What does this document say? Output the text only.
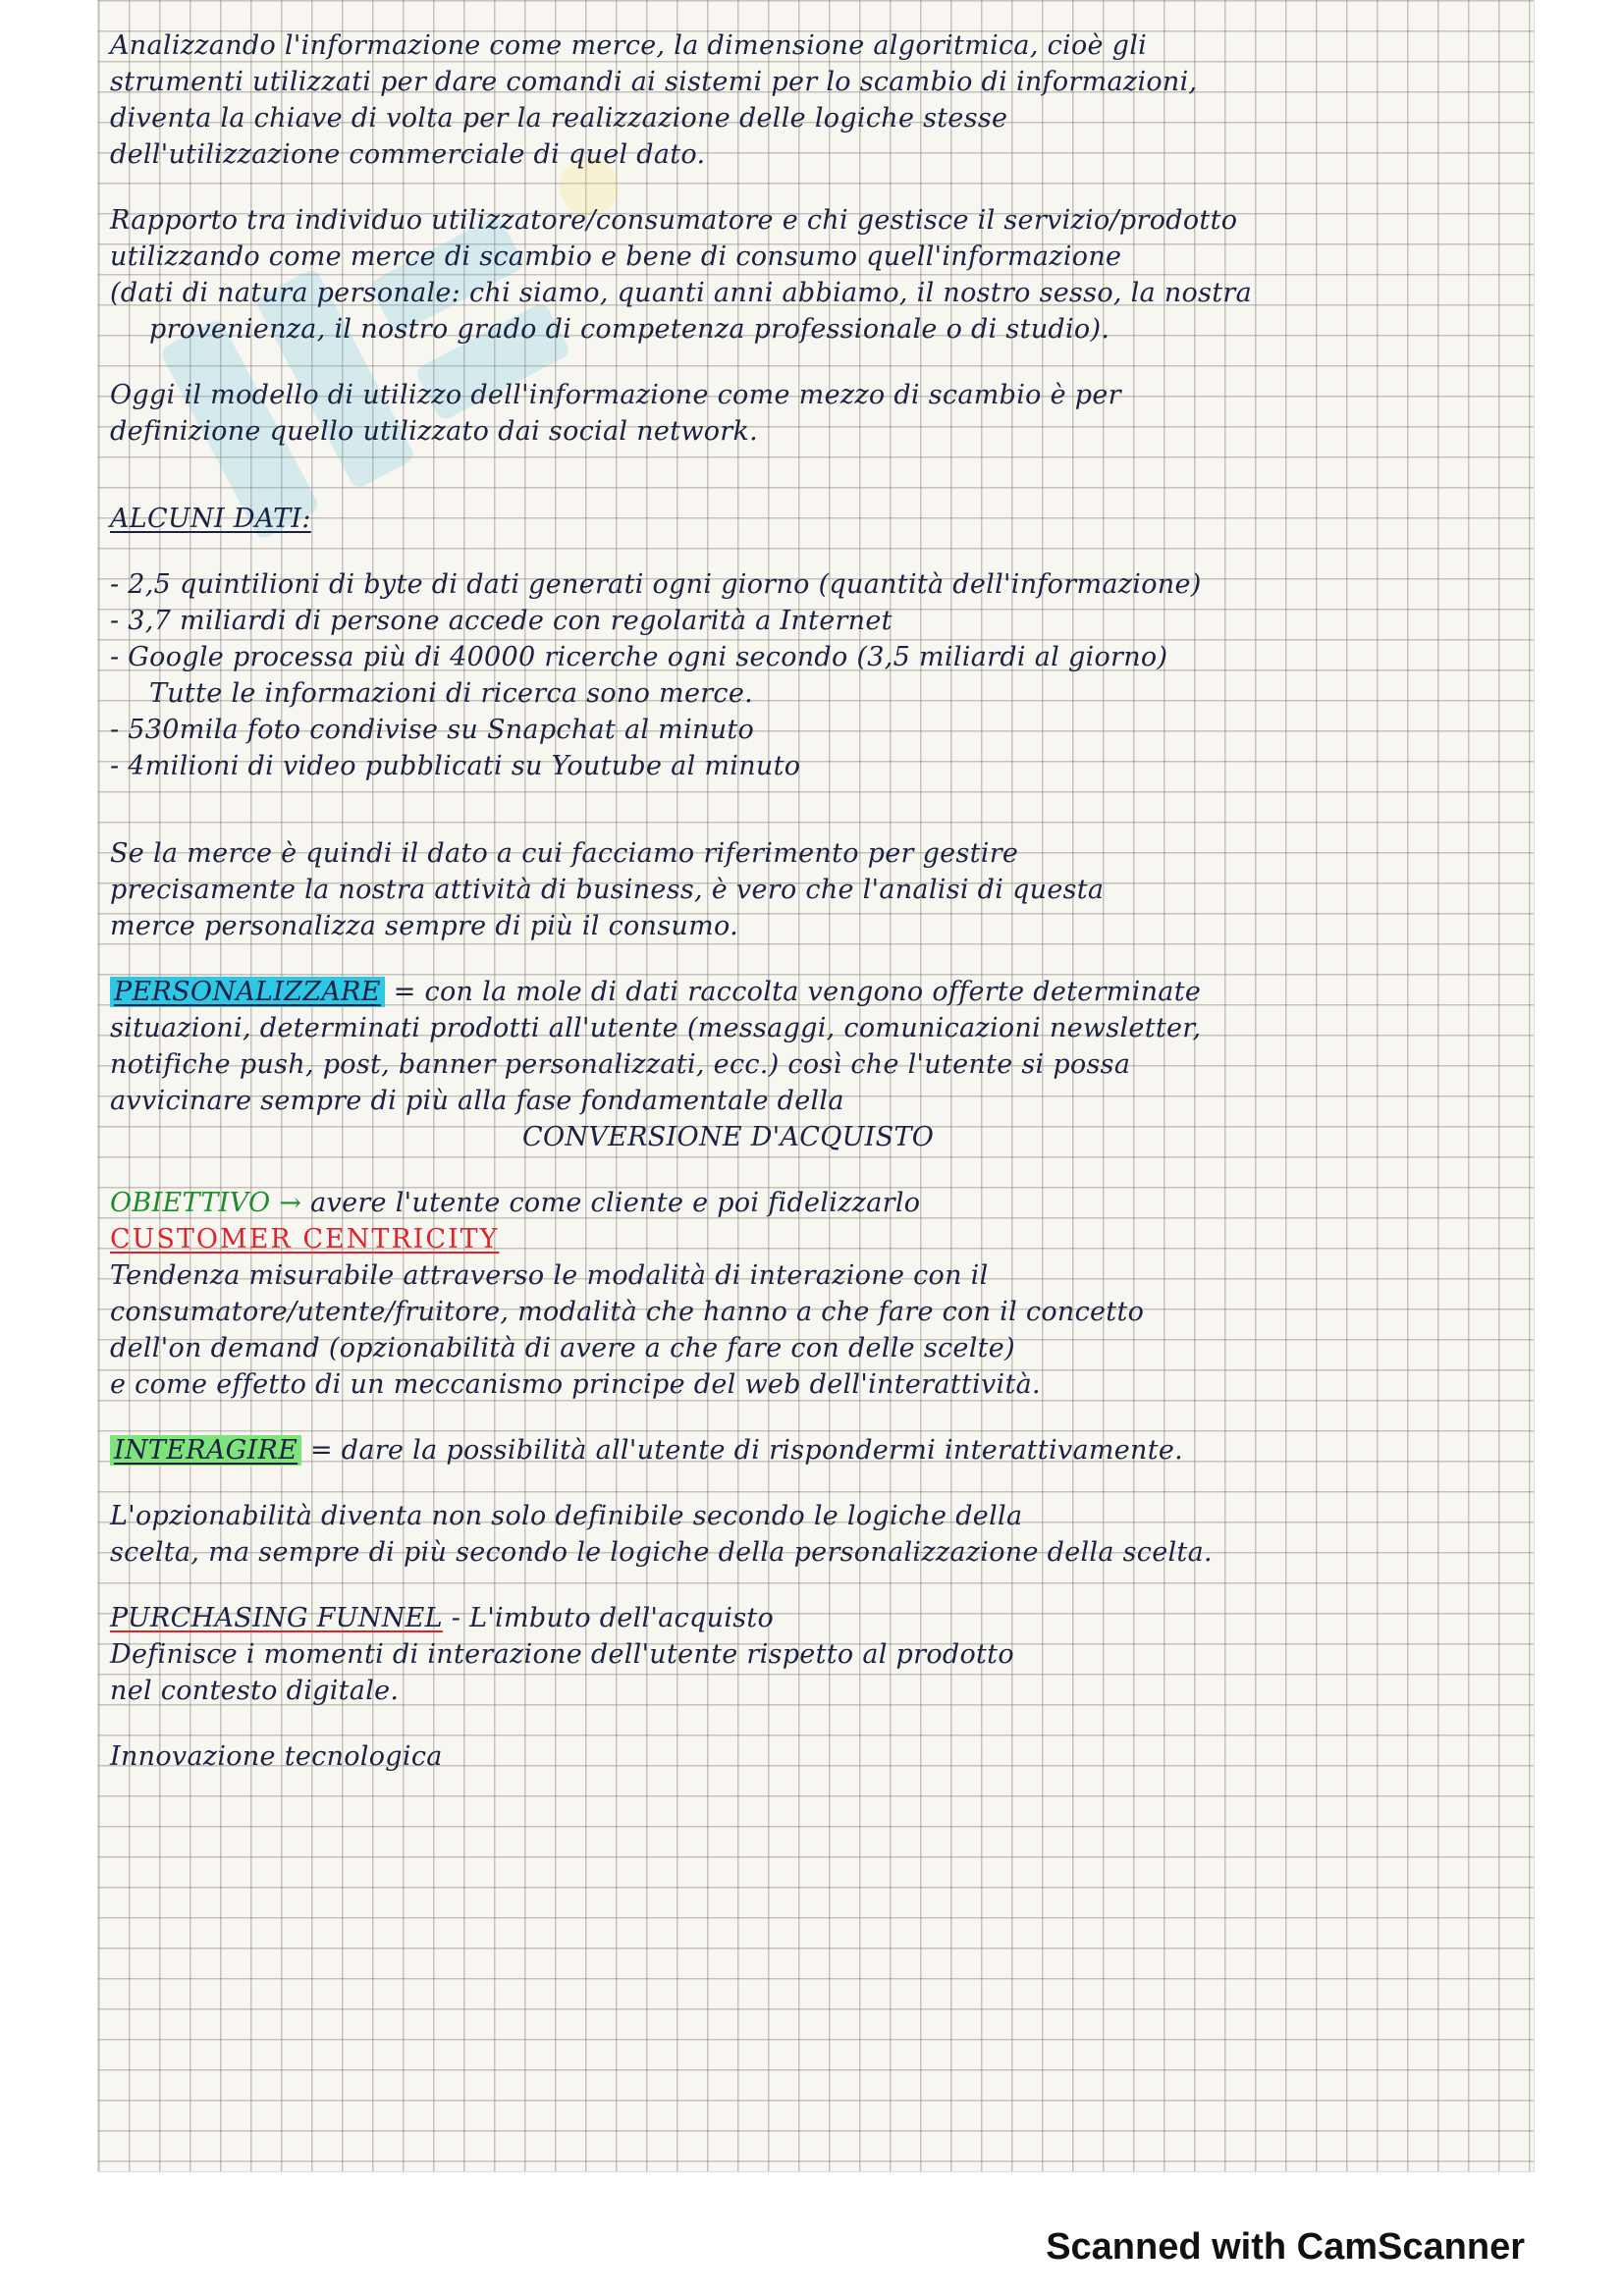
Analizzando l'informazione come merce, la dimensione algoritmica, cioè gli
strumenti utilizzati per dare comandi ai sistemi per lo scambio di informazioni,
diventa la chiave di volta per la realizzazione delle logiche stesse
dell'utilizzazione commerciale di quel dato.
Rapporto tra individuo utilizzatore/consumatore e chi gestisce il servizio/prodotto
utilizzando come merce di scambio e bene di consumo quell'informazione
(dati di natura personale: chi siamo, quanti anni abbiamo, il nostro sesso, la nostra
provenienza, il nostro grado di competenza professionale o di studio).
Oggi il modello di utilizzo dell'informazione come mezzo di scambio è per
definizione quello utilizzato dai social network.
ALCUNI DATI:
- 2,5 quintilioni di byte di dati generati ogni giorno (quantità dell'informazione)
- 3,7 miliardi di persone accede con regolarità a Internet
- Google processa più di 40000 ricerche ogni secondo (3,5 miliardi al giorno)
Tutte le informazioni di ricerca sono merce.
- 530mila foto condivise su Snapchat al minuto
- 4milioni di video pubblicati su Youtube al minuto
Se la merce è quindi il dato a cui facciamo riferimento per gestire
precisamente la nostra attività di business, è vero che l'analisi di questa
merce personalizza sempre di più il consumo.
PERSONALIZZARE = con la mole di dati raccolta vengono offerte determinate
situazioni, determinati prodotti all'utente (messaggi, comunicazioni newsletter,
notifiche push, post, banner personalizzati, ecc.) così che l'utente si possa
avvicinare sempre di più alla fase fondamentale della
CONVERSIONE D'ACQUISTO
OBIETTIVO → avere l'utente come cliente e poi fidelizzarlo
CUSTOMER CENTRICITY
Tendenza misurabile attraverso le modalità di interazione con il
consumatore/utente/fruitore, modalità che hanno a che fare con il concetto
dell'on demand (opzionabilità di avere a che fare con delle scelte)
e come effetto di un meccanismo principe del web dell'interattività.
INTERAGIRE = dare la possibilità all'utente di rispondermi interattivamente.
L'opzionabilità diventa non solo definibile secondo le logiche della
scelta, ma sempre di più secondo le logiche della personalizzazione della scelta.
PURCHASING FUNNEL - L'imbuto dell'acquisto
Definisce i momenti di interazione dell'utente rispetto al prodotto
nel contesto digitale.
Innovazione tecnologica
Scanned with CamScanner
